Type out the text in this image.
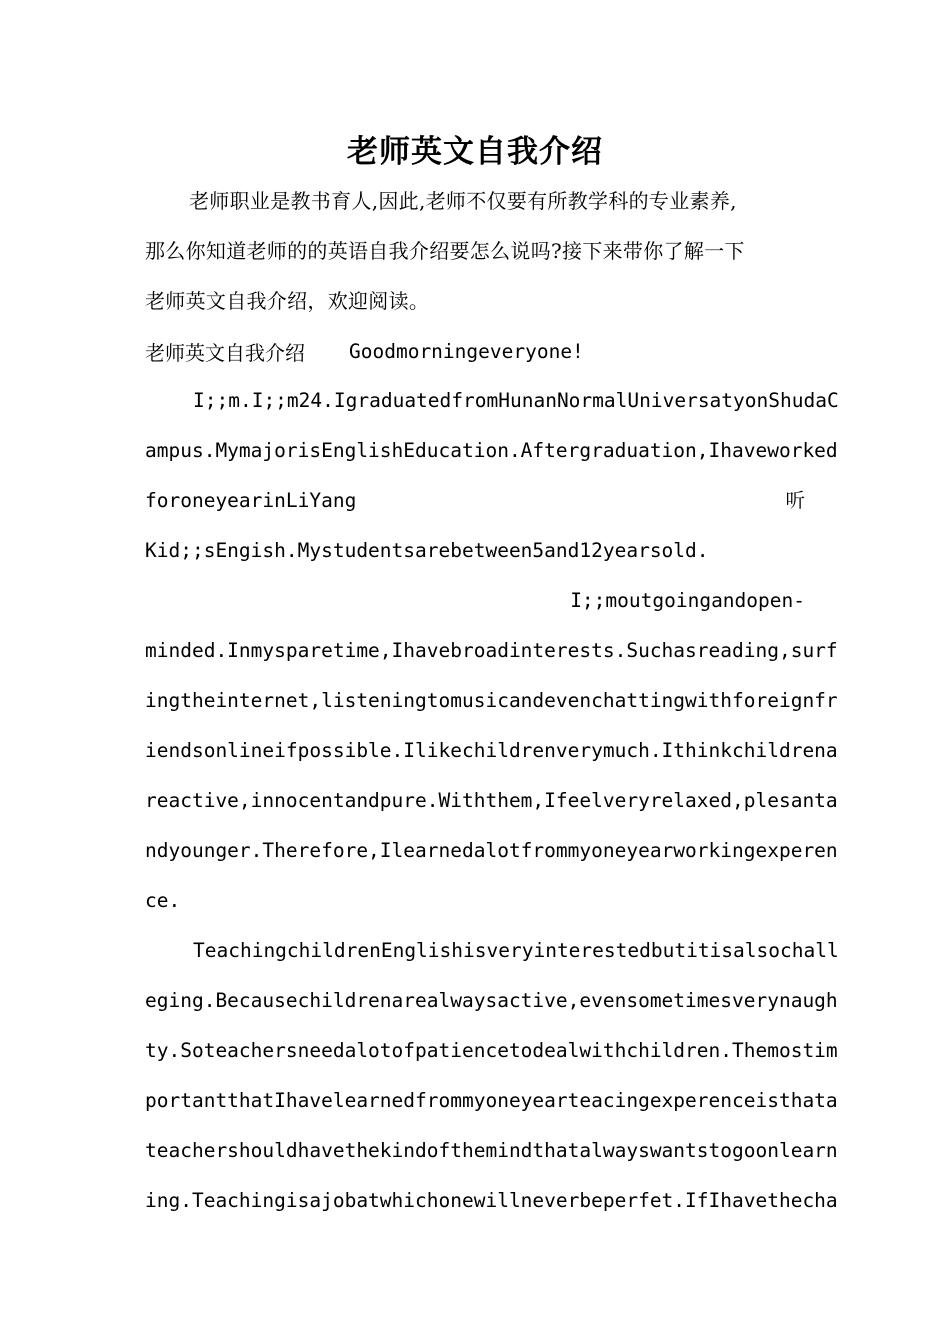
老师英文自我介绍
老师职业是教书育人,因此,老师不仅要有所教学科的专业素养,
那么你知道老师的的英语自我介绍要怎么说吗?接下来带你了解一下
老师英文自我介绍，欢迎阅读。
老师英文自我介绍 Goodmorningeveryone!
I;;m.I;;m24.IgraduatedfromHunanNormalUniversatyonShudaC
ampus.MymajorisEnglishEducation.Aftergraduation,Ihaveworked
foroneyearinLiYang	听
Kid;;sEngish.Mystudentsarebetween5and12yearsold.
I;;moutgoingandopen-
minded.Inmysparetime,Ihavebroadinterests.Suchasreading,surf
ingtheinternet,listeningtomusicandevenchattingwithforeignfr
iendsonlineifpossible.Ilikechildrenverymuch.Ithinkchildrena
reactive,innocentandpure.Withthem,Ifeelveryrelaxed,plesanta
ndyounger.Therefore,Ilearnedalotfrommyoneyearworkingexperen
ce.
TeachingchildrenEnglishisveryinterestedbutitisalsochall
eging.Becausechildrenarealwaysactive,evensometimesverynaugh
ty.Soteachersneedalotofpatiencetodealwithchildren.Themostim
portantthatIhavelearnedfrommyoneyearteacingexperenceisthata
teachershouldhavethekindofthemindthatalwayswantstogoonlearn
ing.Teachingisajobatwhichonewillneverbeperfet.IfIhavethecha
